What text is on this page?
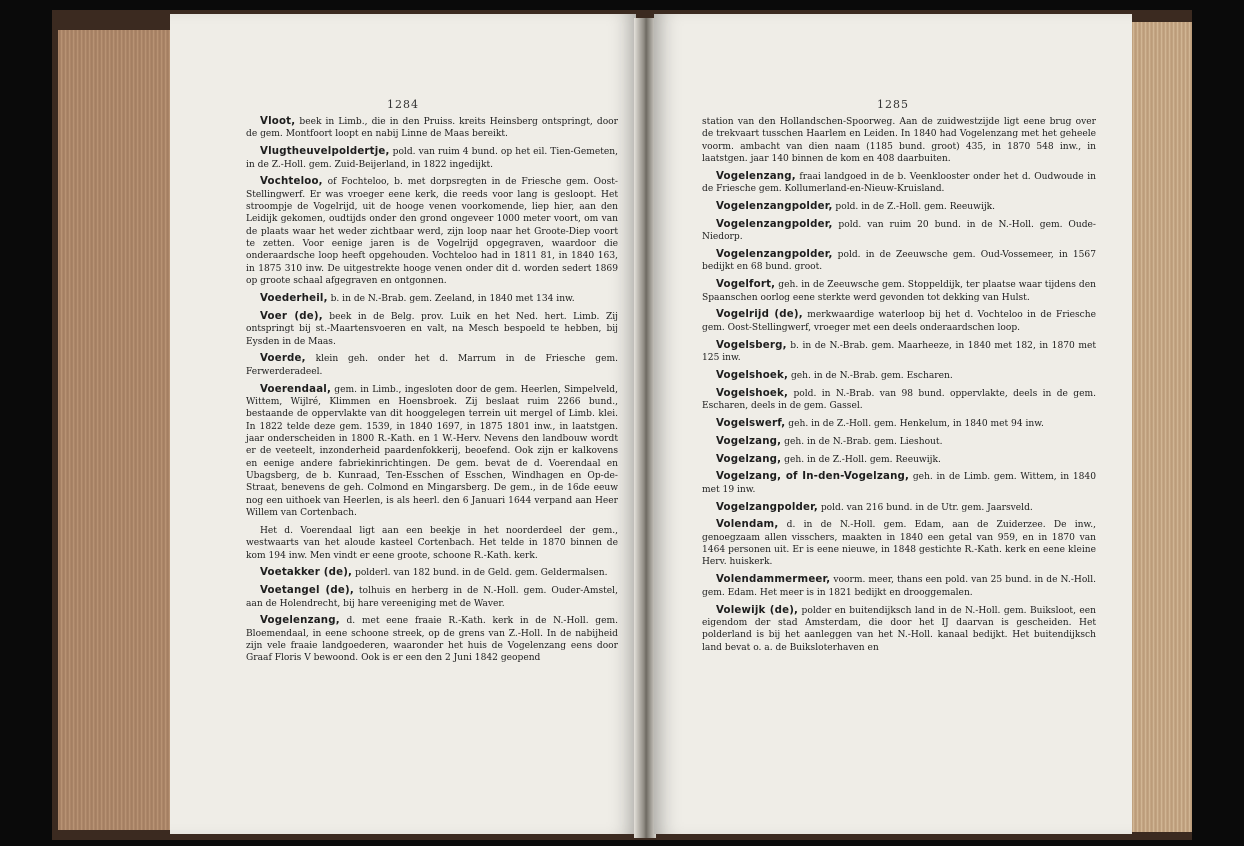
1284

Vloot, beek in Limb., die in den Pruiss. kreits Heinsberg ontspringt, door de gem. Montfoort loopt en nabij Linne de Maas bereikt.

Vlugtheuvelpoldertje, pold. van ruim 4 bund. op het eil. Tien-Gemeten, in de Z.-Holl. gem. Zuid-Beijerland, in 1822 ingedijkt.

Vochteloo, of Fochteloo, b. met dorpsregten in de Friesche gem. Oost-Stellingwerf. Er was vroeger eene kerk, die reeds voor lang is gesloopt. Het stroompje de Vogelrijd, uit de hooge venen voorkomende, liep hier, aan den Leidijk gekomen, oudtijds onder den grond ongeveer 1000 meter voort, om van de plaats waar het weder zichtbaar werd, zijn loop naar het Groote-Diep voort te zetten. Voor eenige jaren is de Vogelrijd opgegraven, waardoor die onderaardsche loop heeft opgehouden. Vochteloo had in 1811 81, in 1840 163, in 1875 310 inw. De uitgestrekte hooge venen onder dit d. worden sedert 1869 op groote schaal afgegraven en ontgonnen.

Voederheil, b. in de N.-Brab. gem. Zeeland, in 1840 met 134 inw.

Voer (de), beek in de Belg. prov. Luik en het Ned. hert. Limb. Zij ontspringt bij st.-Maartensvoeren en valt, na Mesch bespoeld te hebben, bij Eysden in de Maas.

Voerde, klein geh. onder het d. Marrum in de Friesche gem. Ferwerderadeel.

Voerendaal, gem. in Limb., ingesloten door de gem. Heerlen, Simpelveld, Wittem, Wijlré, Klimmen en Hoensbroek. Zij beslaat ruim 2266 bund., bestaande de oppervlakte van dit hooggelegen terrein uit mergel of Limb. klei. In 1822 telde deze gem. 1539, in 1840 1697, in 1875 1801 inw., in laatstgen. jaar onderscheiden in 1800 R.-Kath. en 1 W.-Herv. Nevens den landbouw wordt er de veeteelt, inzonderheid paardenfokkerij, beoefend. Ook zijn er kalkovens en eenige andere fabriekinrichtingen. De gem. bevat de d. Voerendaal en Ubagsberg, de b. Kunraad, Ten-Esschen of Esschen, Windhagen en Op-de-Straat, benevens de geh. Colmond en Mingarsberg. De gem., in de 16de eeuw nog een uithoek van Heerlen, is als heerl. den 6 Januari 1644 verpand aan Heer Willem van Cortenbach.

Het d. Voerendaal ligt aan een beekje in het noorderdeel der gem., westwaarts van het aloude kasteel Cortenbach. Het telde in 1870 binnen de kom 194 inw. Men vindt er eene groote, schoone R.-Kath. kerk.

Voetakker (de), polderl. van 182 bund. in de Geld. gem. Geldermalsen.

Voetangel (de), tolhuis en herberg in de N.-Holl. gem. Ouder-Amstel, aan de Holendrecht, bij hare vereeniging met de Waver.

Vogelenzang, d. met eene fraaie R.-Kath. kerk in de N.-Holl. gem. Bloemendaal, in eene schoone streek, op de grens van Z.-Holl. In de nabijheid zijn vele fraaie landgoederen, waaronder het huis de Vogelenzang eens door Graaf Floris V bewoond. Ook is er een den 2 Juni 1842 geopend

1285

station van den Hollandschen-Spoorweg. Aan de zuidwestzijde ligt eene brug over de trekvaart tusschen Haarlem en Leiden. In 1840 had Vogelenzang met het geheele voorm. ambacht van dien naam (1185 bund. groot) 435, in 1870 548 inw., in laatstgen. jaar 140 binnen de kom en 408 daarbuiten.

Vogelenzang, fraai landgoed in de b. Veenklooster onder het d. Oudwoude in de Friesche gem. Kollumerland-en-Nieuw-Kruisland.

Vogelenzangpolder, pold. in de Z.-Holl. gem. Reeuwijk.

Vogelenzangpolder, pold. van ruim 20 bund. in de N.-Holl. gem. Oude-Niedorp.

Vogelenzangpolder, pold. in de Zeeuwsche gem. Oud-Vossemeer, in 1567 bedijkt en 68 bund. groot.

Vogelfort, geh. in de Zeeuwsche gem. Stoppeldijk, ter plaatse waar tijdens den Spaanschen oorlog eene sterkte werd gevonden tot dekking van Hulst.

Vogelrijd (de), merkwaardige waterloop bij het d. Vochteloo in de Friesche gem. Oost-Stellingwerf, vroeger met een deels onderaardschen loop.

Vogelsberg, b. in de N.-Brab. gem. Maarheeze, in 1840 met 182, in 1870 met 125 inw.

Vogelshoek, geh. in de N.-Brab. gem. Escharen.

Vogelshoek, pold. in N.-Brab. van 98 bund. oppervlakte, deels in de gem. Escharen, deels in de gem. Gassel.

Vogelswerf, geh. in de Z.-Holl. gem. Henkelum, in 1840 met 94 inw.

Vogelzang, geh. in de N.-Brab. gem. Lieshout.

Vogelzang, geh. in de Z.-Holl. gem. Reeuwijk.

Vogelzang, of In-den-Vogelzang, geh. in de Limb. gem. Wittem, in 1840 met 19 inw.

Vogelzangpolder, pold. van 216 bund. in de Utr. gem. Jaarsveld.

Volendam, d. in de N.-Holl. gem. Edam, aan de Zuiderzee. De inw., genoegzaam allen visschers, maakten in 1840 een getal van 959, en in 1870 van 1464 personen uit. Er is eene nieuwe, in 1848 gestichte R.-Kath. kerk en eene kleine Herv. huiskerk.

Volendammermeer, voorm. meer, thans een pold. van 25 bund. in de N.-Holl. gem. Edam. Het meer is in 1821 bedijkt en drooggemalen.

Volewijk (de), polder en buitendijksch land in de N.-Holl. gem. Buiksloot, een eigendom der stad Amsterdam, die door het IJ daarvan is gescheiden. Het polderland is bij het aanleggen van het N.-Holl. kanaal bedijkt. Het buitendijksch land bevat o. a. de Buiksloterhaven en
